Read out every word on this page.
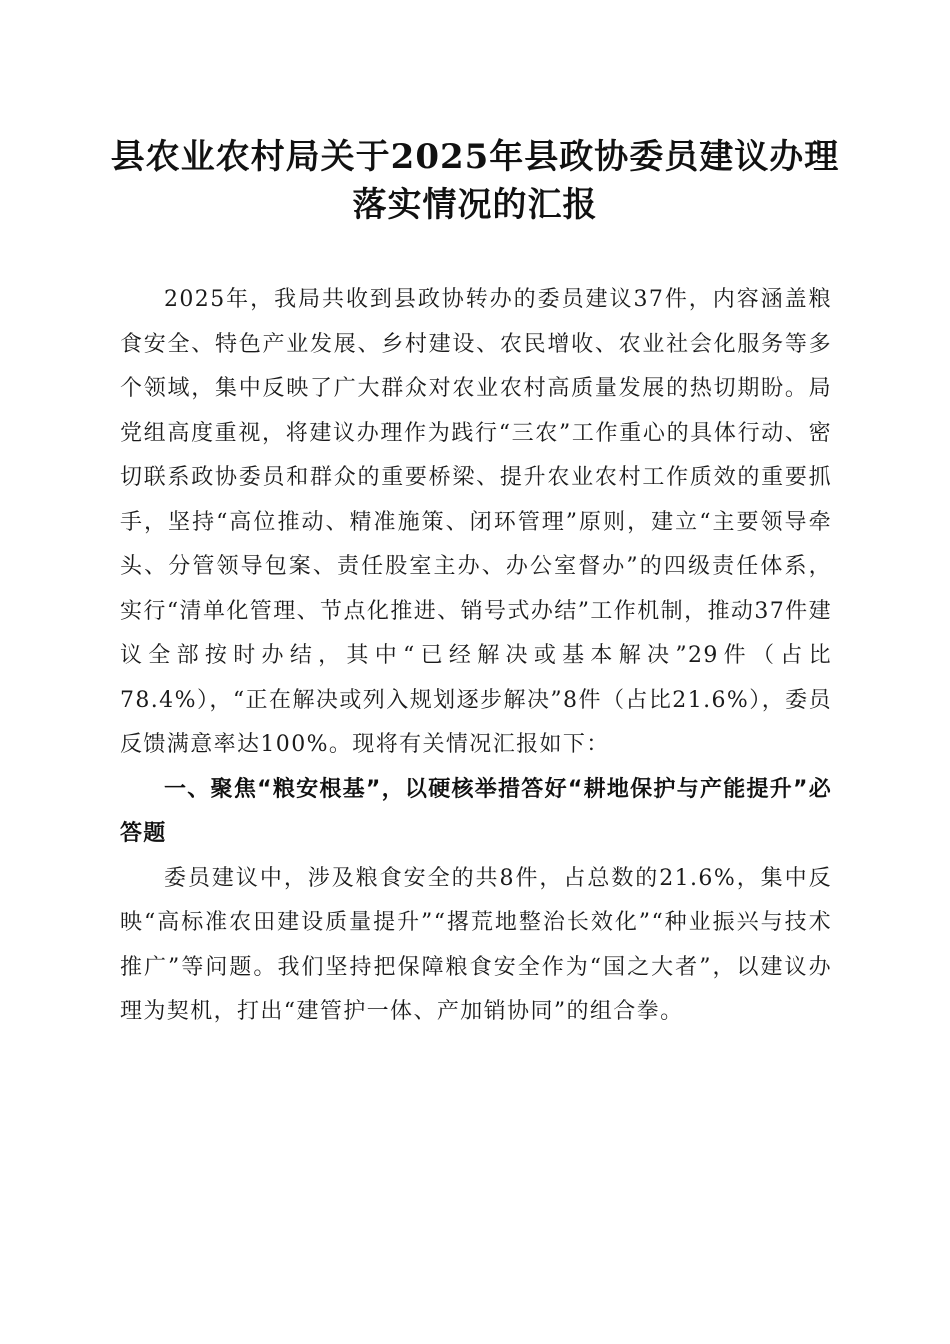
县农业农村局关于2025年县政协委员建议办理落实情况的汇报

2025年，我局共收到县政协转办的委员建议37件，内容涵盖粮食安全、特色产业发展、乡村建设、农民增收、农业社会化服务等多个领域，集中反映了广大群众对农业农村高质量发展的热切期盼。局党组高度重视，将建议办理作为践行“三农”工作重心的具体行动、密切联系政协委员和群众的重要桥梁、提升农业农村工作质效的重要抓手，坚持“高位推动、精准施策、闭环管理”原则，建立“主要领导牵头、分管领导包案、责任股室主办、办公室督办”的四级责任体系，实行“清单化管理、节点化推进、销号式办结”工作机制，推动37件建议全部按时办结，其中“已经解决或基本解决”29件（占比78.4%），“正在解决或列入规划逐步解决”8件（占比21.6%），委员反馈满意率达100%。现将有关情况汇报如下：

一、聚焦“粮安根基”，以硬核举措答好“耕地保护与产能提升”必答题

委员建议中，涉及粮食安全的共8件，占总数的21.6%，集中反映“高标准农田建设质量提升”“撂荒地整治长效化”“种业振兴与技术推广”等问题。我们坚持把保障粮食安全作为“国之大者”，以建议办理为契机，打出“建管护一体、产加销协同”的组合拳。
